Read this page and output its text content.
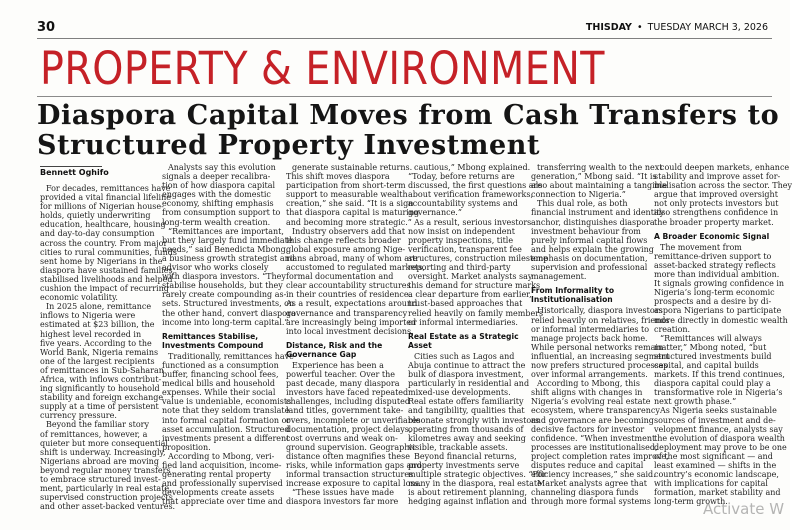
30	THISDAY • TUESDAY MARCH 3, 2026
PROPERTY & ENVIRONMENT
Diaspora Capital Moves from Cash Transfers to
Structured Property Investment
Bennett Oghifo
For decades, remittances have
provided a vital financial lifeline
for millions of Nigerian house-
holds, quietly underwriting
education, healthcare, housing
and day-to-day consumption
across the country. From major
cities to rural communities, funds
sent home by Nigerians in the
diaspora have sustained families,
stabilised livelihoods and helped
cushion the impact of recurring
economic volatility.
In 2025 alone, remittance
inflows to Nigeria were
estimated at $23 billion, the
highest level recorded in
five years. According to the
World Bank, Nigeria remains
one of the largest recipients
of remittances in Sub-Saharan
Africa, with inflows contribut-
ing significantly to household
stability and foreign exchange
supply at a time of persistent
currency pressure.
Beyond the familiar story
of remittances, however, a
quieter but more consequential
shift is underway. Increasingly,
Nigerians abroad are moving
beyond regular money transfers
to embrace structured invest-
ment, particularly in real estate,
supervised construction projects
and other asset-backed ventures.
Analysts say this evolution
signals a deeper recalibra-
tion of how diaspora capital
engages with the domestic
economy, shifting emphasis
from consumption support to
long-term wealth creation.
“Remittances are important,
but they largely fund immediate
needs,” said Benedicta Mbong,
a business growth strategist and
advisor who works closely
with diaspora investors. “They
stabilise households, but they
rarely create compounding as-
sets. Structured investments, on
the other hand, convert diaspora
income into long-term capital.”
Remittances Stabilise,
Investments Compound
Traditionally, remittances have
functioned as a consumption
buffer, financing school fees,
medical bills and household
expenses. While their social
value is undeniable, economists
note that they seldom translate
into formal capital formation or
asset accumulation. Structured
investments present a different
proposition.
According to Mbong, veri-
fied land acquisition, income-
generating rental property
and professionally supervised
developments create assets
that appreciate over time and
generate sustainable returns.
This shift moves diaspora
participation from short-term
support to measurable wealth
creation,” she said. “It is a sign
that diaspora capital is maturing
and becoming more strategic.”
Industry observers add that
this change reflects broader
global exposure among Nige-
rians abroad, many of whom are
accustomed to regulated markets,
formal documentation and
clear accountability structures
in their countries of residence.
As a result, expectations around
governance and transparency
are increasingly being imported
into local investment decisions.
Distance, Risk and the
Governance Gap
Experience has been a
powerful teacher. Over the
past decade, many diaspora
investors have faced repeated
challenges, including disputed
land titles, government take-
overs, incomplete or unverifiable
documentation, project delays,
cost overruns and weak on-
ground supervision. Geographic
distance often magnifies these
risks, while information gaps and
informal transaction structures
increase exposure to capital loss.
“These issues have made
diaspora investors far more
cautious,” Mbong explained.
“Today, before returns are
discussed, the first questions are
about verification frameworks,
accountability systems and
governance.”
As a result, serious investors
now insist on independent
property inspections, title
verification, transparent fee
structures, construction milestone
reporting and third-party
oversight. Market analysts say
this demand for structure marks
a clear departure from earlier,
trust-based approaches that
relied heavily on family members
or informal intermediaries.
Real Estate as a Strategic
Asset
Cities such as Lagos and
Abuja continue to attract the
bulk of diaspora investment,
particularly in residential and
mixed-use developments.
Real estate offers familiarity
and tangibility, qualities that
resonate strongly with investors
operating from thousands of
kilometres away and seeking
visible, trackable assets.
Beyond financial returns,
property investments serve
multiple strategic objectives. “For
many in the diaspora, real estate
is about retirement planning,
hedging against inflation and
transferring wealth to the next
generation,” Mbong said. “It is
also about maintaining a tangible
connection to Nigeria.”
This dual role, as both
financial instrument and identity
anchor, distinguishes diaspora
investment behaviour from
purely informal capital flows
and helps explain the growing
emphasis on documentation,
supervision and professional
management.
From Informality to
Institutionalisation
Historically, diaspora investors
relied heavily on relatives, friends
or informal intermediaries to
manage projects back home.
While personal networks remain
influential, an increasing segment
now prefers structured processes
over informal arrangements.
According to Mbong, this
shift aligns with changes in
Nigeria’s evolving real estate
ecosystem, where transparency
and governance are becoming
decisive factors for investor
confidence. “When investment
processes are institutionalised,
project completion rates improve,
disputes reduce and capital
efficiency increases,” she said.
Market analysts agree that
channeling diaspora funds
through more formal systems
could deepen markets, enhance
stability and improve asset for-
malisation across the sector. They
argue that improved oversight
not only protects investors but
also strengthens confidence in
the broader property market.
A Broader Economic Signal
The movement from
remittance-driven support to
asset-backed strategy reflects
more than individual ambition.
It signals growing confidence in
Nigeria’s long-term economic
prospects and a desire by di-
aspora Nigerians to participate
more directly in domestic wealth
creation.
“Remittances will always
matter,” Mbong noted, “but
structured investments build
capital, and capital builds
markets. If this trend continues,
diaspora capital could play a
transformative role in Nigeria’s
next growth phase.”
As Nigeria seeks sustainable
sources of investment and de-
velopment finance, analysts say
the evolution of diaspora wealth
deployment may prove to be one
of the most significant — and
least examined — shifts in the
country’s economic landscape,
with implications for capital
formation, market stability and
long-term growth.
Activate W
